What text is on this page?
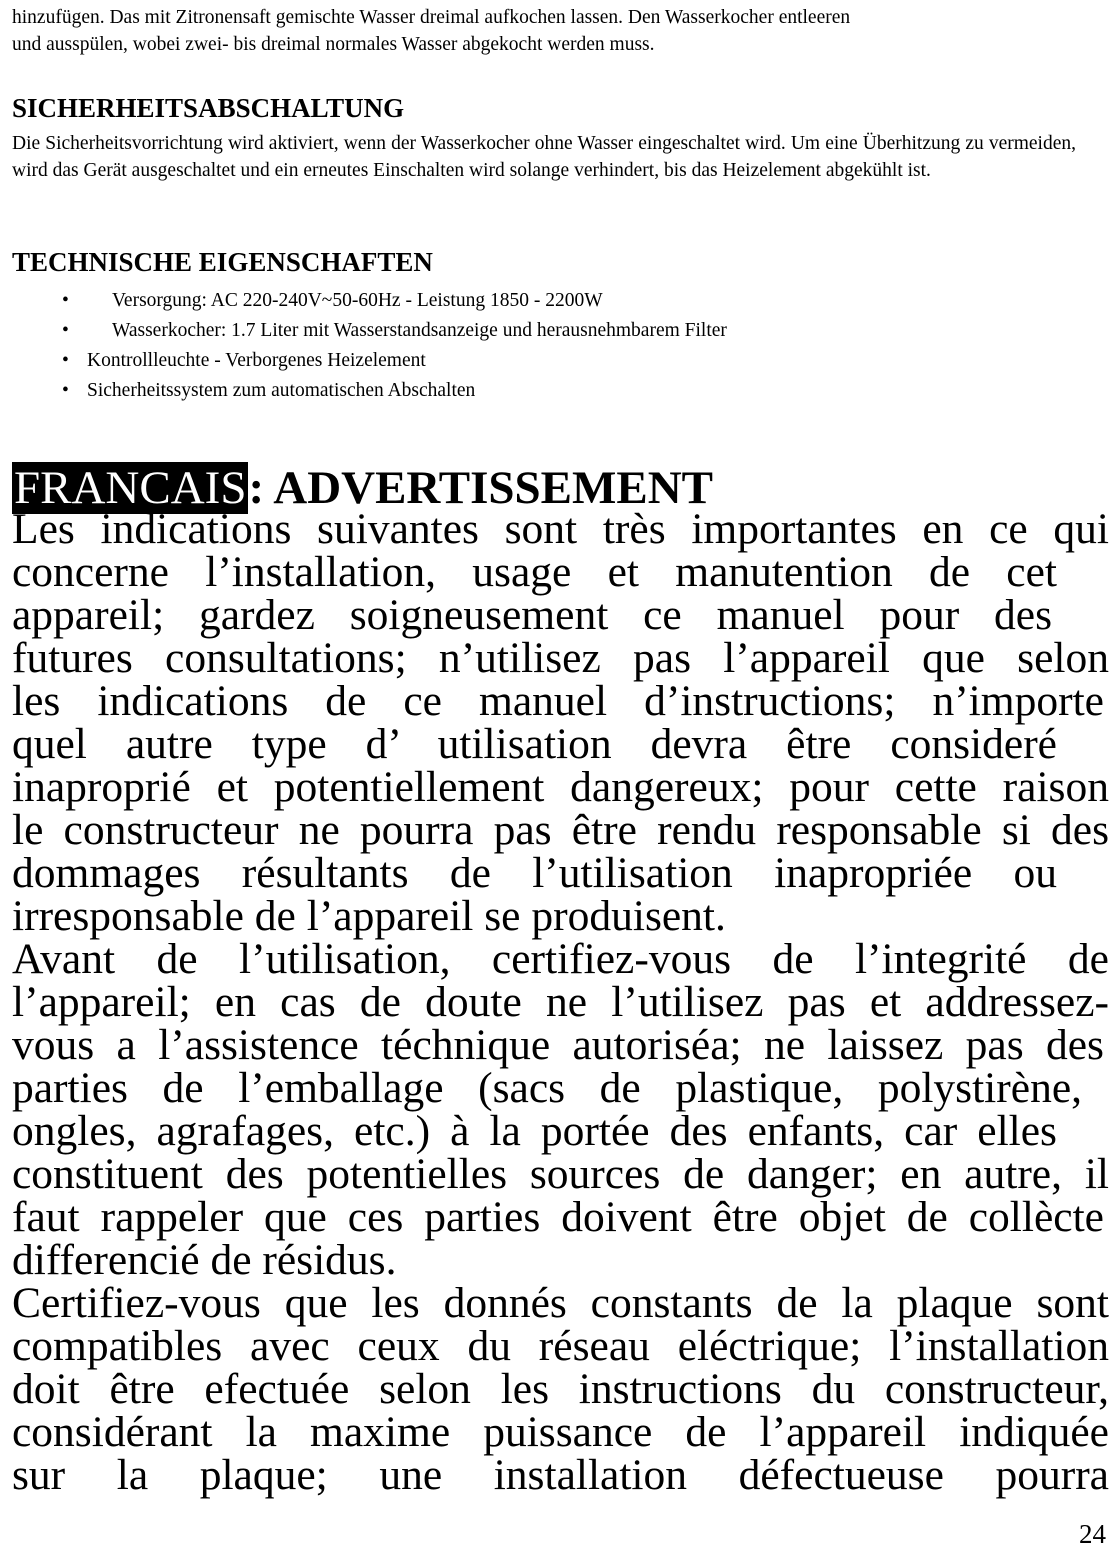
hinzufügen. Das mit Zitronensaft gemischte Wasser dreimal aufkochen lassen. Den Wasserkocher entleeren

und ausspülen, wobei zwei- bis dreimal normales Wasser abgekocht werden muss.

SICHERHEITSABSCHALTUNG

Die Sicherheitsvorrichtung wird aktiviert, wenn der Wasserkocher ohne Wasser eingeschaltet wird. Um eine Überhitzung zu vermeiden, wird das Gerät ausgeschaltet und ein erneutes Einschalten wird solange verhindert, bis das Heizelement abgekühlt ist.

TECHNISCHE EIGENSCHAFTEN
• Versorgung: AC 220-240V~50-60Hz - Leistung 1850 - 2200W
• Wasserkocher: 1.7 Liter mit Wasserstandsanzeige und herausnehmbarem Filter
• Kontrollleuchte - Verborgenes Heizelement
• Sicherheitssystem zum automatischen Abschalten
FRANCAIS: ADVERTISSEMENT
Les indications suivantes sont très importantes en ce qui
concerne l’installation, usage et manutention de cet
appareil; gardez soigneusement ce manuel pour des
futures consultations; n’utilisez pas l’appareil que selon
les indications de ce manuel d’instructions; n’importe
quel autre type d’ utilisation devra être consideré
inaproprié et potentiellement dangereux; pour cette raison
le constructeur ne pourra pas être rendu responsable si des
dommages résultants de l’utilisation inapropriée ou
irresponsable de l’appareil se produisent.
Avant de l’utilisation, certifiez-vous de l’integrité de
l’appareil; en cas de doute ne l’utilisez pas et addressez-
vous a l’assistence téchnique autoriséa; ne laissez pas des
parties de l’emballage (sacs de plastique, polystirène,
ongles, agrafages, etc.) à la portée des enfants, car elles
constituent des potentielles sources de danger; en autre, il
faut rappeler que ces parties doivent être objet de collècte
differencié de résidus.
Certifiez-vous que les donnés constants de la plaque sont
compatibles avec ceux du réseau eléctrique; l’installation
doit être efectuée selon les instructions du constructeur,
considérant la maxime puissance de l’appareil indiquée
sur la plaque; une installation défectueuse pourra
24
